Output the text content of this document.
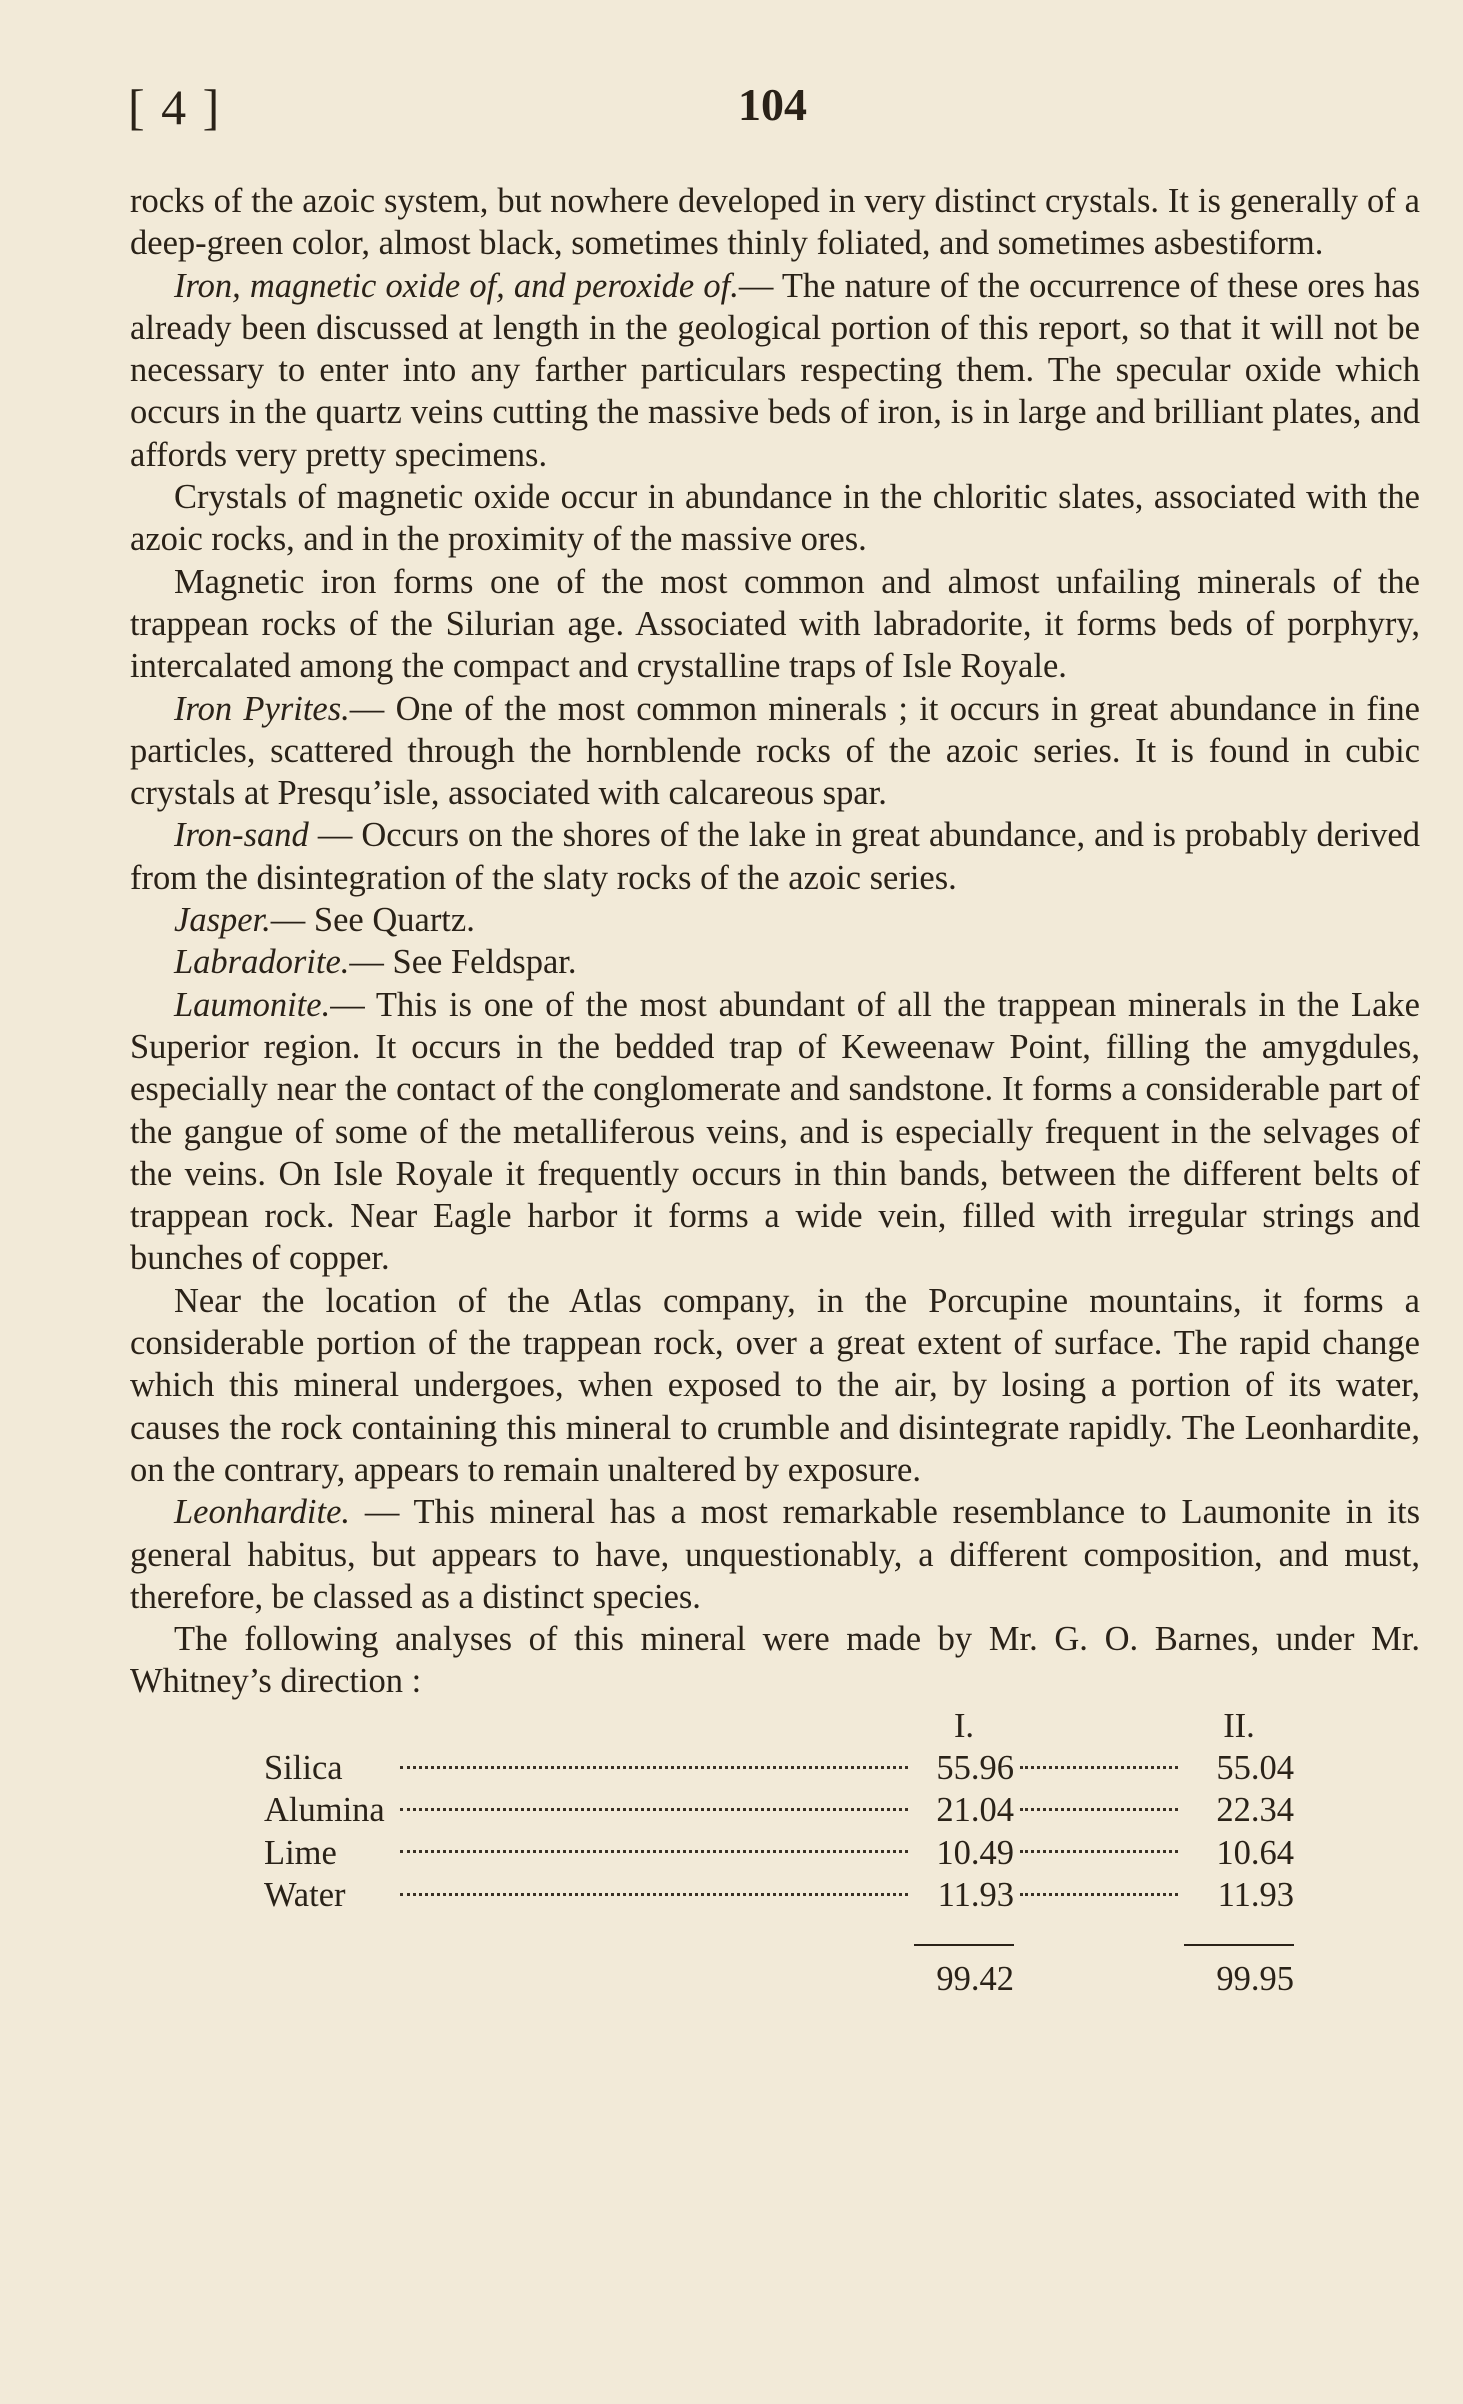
[ 4 ]	104

rocks of the azoic system, but nowhere developed in very distinct crystals. It is generally of a deep-green color, almost black, sometimes thinly foliated, and sometimes asbestiform.

Iron, magnetic oxide of, and peroxide of.— The nature of the occurrence of these ores has already been discussed at length in the geological portion of this report, so that it will not be necessary to enter into any farther particulars respecting them. The specular oxide which occurs in the quartz veins cutting the massive beds of iron, is in large and brilliant plates, and affords very pretty specimens.

Crystals of magnetic oxide occur in abundance in the chloritic slates, associated with the azoic rocks, and in the proximity of the massive ores.

Magnetic iron forms one of the most common and almost unfailing minerals of the trappean rocks of the Silurian age. Associated with labradorite, it forms beds of porphyry, intercalated among the compact and crystalline traps of Isle Royale.

Iron Pyrites.— One of the most common minerals ; it occurs in great abundance in fine particles, scattered through the hornblende rocks of the azoic series. It is found in cubic crystals at Presqu’isle, associated with calcareous spar.

Iron-sand — Occurs on the shores of the lake in great abundance, and is probably derived from the disintegration of the slaty rocks of the azoic series.

Jasper.— See Quartz.

Labradorite.— See Feldspar.

Laumonite.— This is one of the most abundant of all the trappean minerals in the Lake Superior region. It occurs in the bedded trap of Keweenaw Point, filling the amygdules, especially near the contact of the conglomerate and sandstone. It forms a considerable part of the gangue of some of the metalliferous veins, and is especially frequent in the selvages of the veins. On Isle Royale it frequently occurs in thin bands, between the different belts of trappean rock. Near Eagle harbor it forms a wide vein, filled with irregular strings and bunches of copper.

Near the location of the Atlas company, in the Porcupine mountains, it forms a considerable portion of the trappean rock, over a great extent of surface. The rapid change which this mineral undergoes, when exposed to the air, by losing a portion of its water, causes the rock containing this mineral to crumble and disintegrate rapidly. The Leonhardite, on the contrary, appears to remain unaltered by exposure.

Leonhardite. — This mineral has a most remarkable resemblance to Laumonite in its general habitus, but appears to have, unquestionably, a different composition, and must, therefore, be classed as a distinct species.

The following analyses of this mineral were made by Mr. G. O. Barnes, under Mr. Whitney’s direction :

		I.		II.
Silica		55.96		55.04
Alumina		21.04		22.34
Lime		10.49		10.64
Water		11.93		11.93

		99.42		99.95
